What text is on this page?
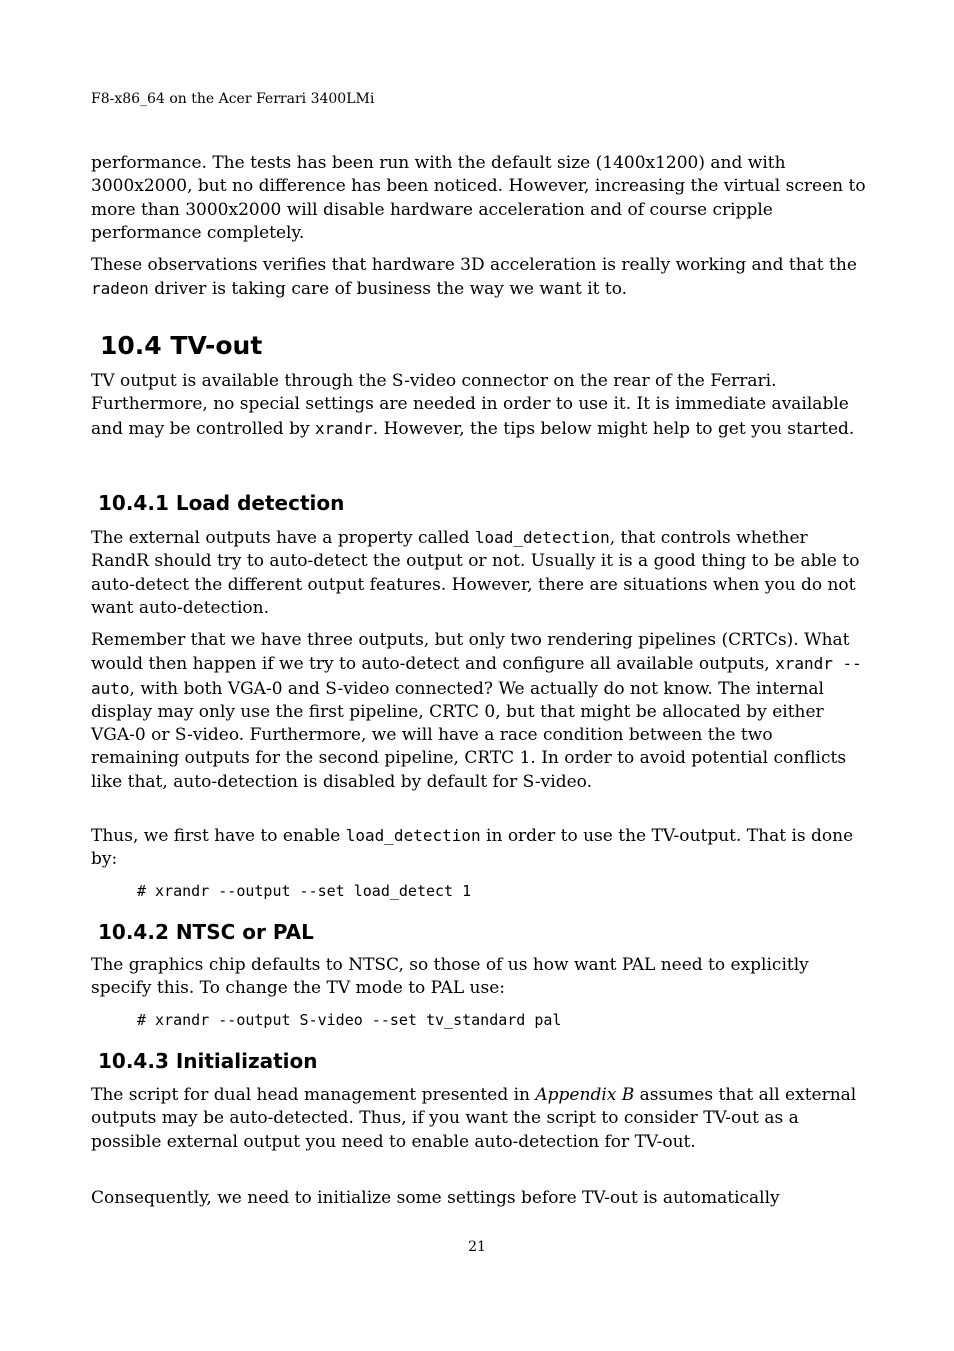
F8-x86_64 on the Acer Ferrari 3400LMi

performance. The tests has been run with the default size (1400x1200) and with 3000x2000, but no difference has been noticed. However, increasing the virtual screen to more than 3000x2000 will disable hardware acceleration and of course cripple performance completely.

These observations verifies that hardware 3D acceleration is really working and that the radeon driver is taking care of business the way we want it to.

10.4 TV-out

TV output is available through the S-video connector on the rear of the Ferrari. Furthermore, no special settings are needed in order to use it. It is immediate available and may be controlled by xrandr. However, the tips below might help to get you started.

10.4.1 Load detection

The external outputs have a property called load_detection, that controls whether RandR should try to auto-detect the output or not. Usually it is a good thing to be able to auto-detect the different output features. However, there are situations when you do not want auto-detection.

Remember that we have three outputs, but only two rendering pipelines (CRTCs). What would then happen if we try to auto-detect and configure all available outputs, xrandr --auto, with both VGA-0 and S-video connected? We actually do not know. The internal display may only use the first pipeline, CRTC 0, but that might be allocated by either VGA-0 or S-video. Furthermore, we will have a race condition between the two remaining outputs for the second pipeline, CRTC 1. In order to avoid potential conflicts like that, auto-detection is disabled by default for S-video.

Thus, we first have to enable load_detection in order to use the TV-output. That is done by:

# xrandr --output --set load_detect 1
10.4.2 NTSC or PAL

The graphics chip defaults to NTSC, so those of us how want PAL need to explicitly specify this. To change the TV mode to PAL use:

# xrandr --output S-video --set tv_standard pal
10.4.3 Initialization

The script for dual head management presented in Appendix B assumes that all external outputs may be auto-detected. Thus, if you want the script to consider TV-out as a possible external output you need to enable auto-detection for TV-out.

Consequently, we need to initialize some settings before TV-out is automatically

21
